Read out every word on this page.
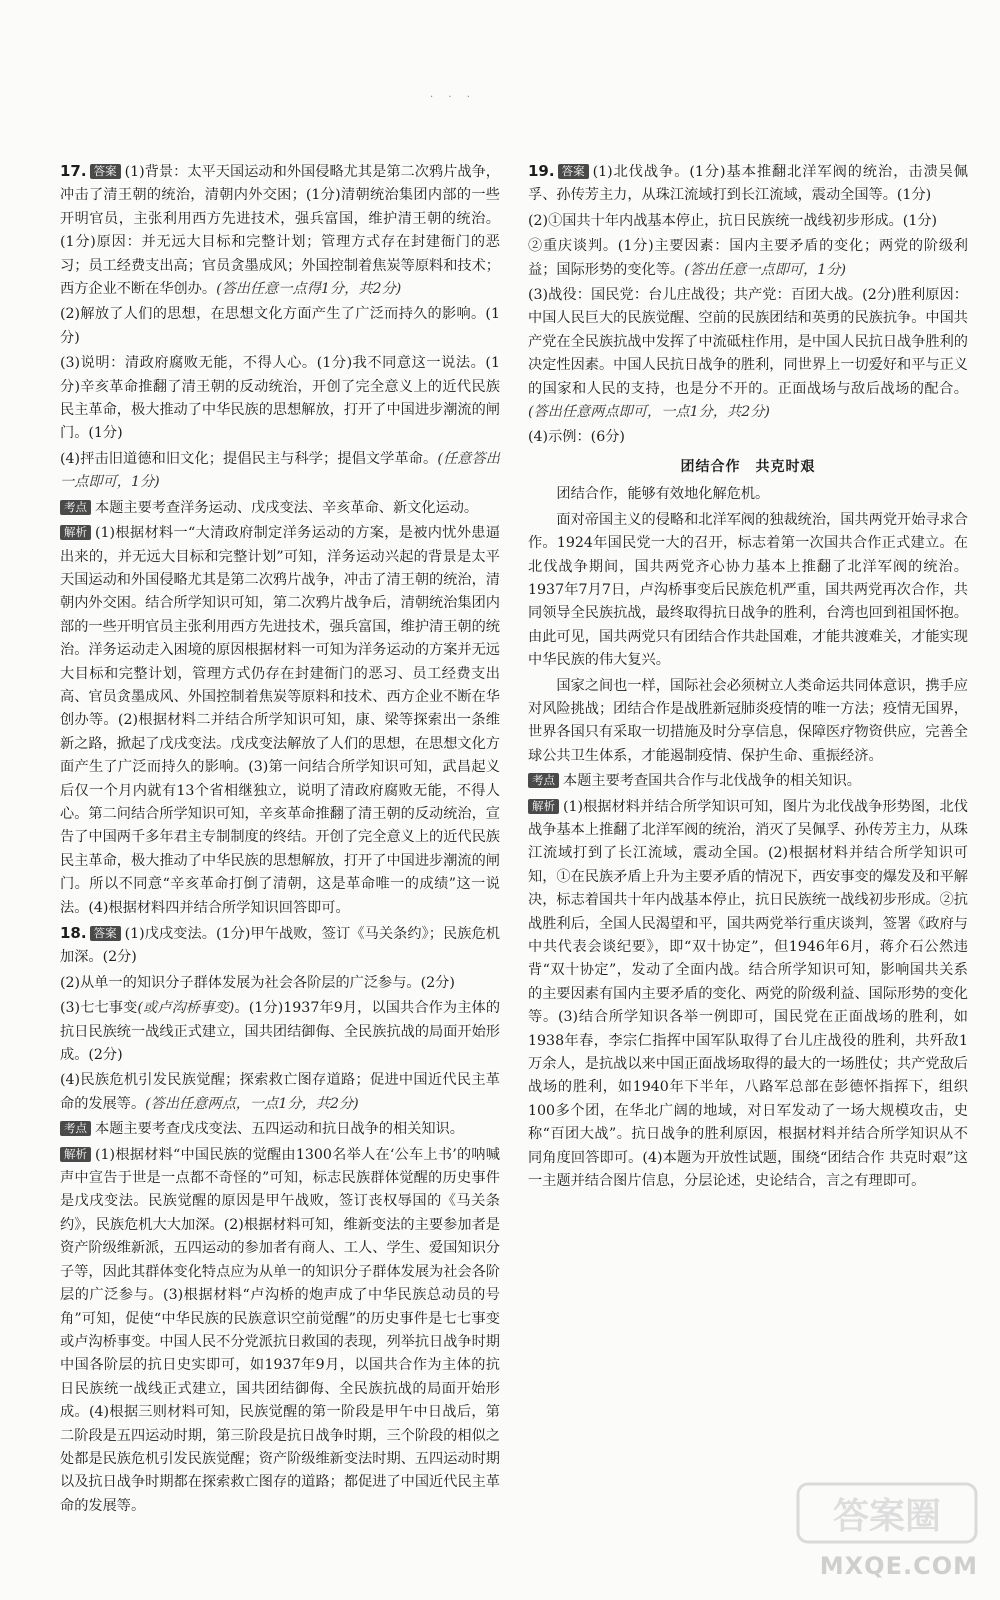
· · ·

17. 答案 (1)背景：太平天国运动和外国侵略尤其是第二次鸦片战争，冲击了清王朝的统治，清朝内外交困；(1分)清朝统治集团内部的一些开明官员，主张利用西方先进技术，强兵富国，维护清王朝的统治。(1分)原因：并无远大目标和完整计划；管理方式存在封建衙门的恶习；员工经费支出高；官员贪墨成风；外国控制着焦炭等原料和技术；西方企业不断在华创办。(答出任意一点得1分，共2分)

(2)解放了人们的思想，在思想文化方面产生了广泛而持久的影响。(1分)

(3)说明：清政府腐败无能，不得人心。(1分)我不同意这一说法。(1分)辛亥革命推翻了清王朝的反动统治，开创了完全意义上的近代民族民主革命，极大推动了中华民族的思想解放，打开了中国进步潮流的闸门。(1分)

(4)抨击旧道德和旧文化；提倡民主与科学；提倡文学革命。(任意答出一点即可，1分)

考点 本题主要考查洋务运动、戊戌变法、辛亥革命、新文化运动。

解析 (1)根据材料一“大清政府制定洋务运动的方案，是被内忧外患逼出来的，并无远大目标和完整计划”可知，洋务运动兴起的背景是太平天国运动和外国侵略尤其是第二次鸦片战争，冲击了清王朝的统治，清朝内外交困。结合所学知识可知，第二次鸦片战争后，清朝统治集团内部的一些开明官员主张利用西方先进技术，强兵富国，维护清王朝的统治。洋务运动走入困境的原因根据材料一可知为洋务运动的方案并无远大目标和完整计划，管理方式仍存在封建衙门的恶习、员工经费支出高、官员贪墨成风、外国控制着焦炭等原料和技术、西方企业不断在华创办等。(2)根据材料二并结合所学知识可知，康、梁等探索出一条维新之路，掀起了戊戌变法。戊戌变法解放了人们的思想，在思想文化方面产生了广泛而持久的影响。(3)第一问结合所学知识可知，武昌起义后仅一个月内就有13个省相继独立，说明了清政府腐败无能，不得人心。第二问结合所学知识可知，辛亥革命推翻了清王朝的反动统治，宣告了中国两千多年君主专制制度的终结。开创了完全意义上的近代民族民主革命，极大推动了中华民族的思想解放，打开了中国进步潮流的闸门。所以不同意“辛亥革命打倒了清朝，这是革命唯一的成绩”这一说法。(4)根据材料四并结合所学知识回答即可。

18. 答案 (1)戊戌变法。(1分)甲午战败，签订《马关条约》；民族危机加深。(2分)

(2)从单一的知识分子群体发展为社会各阶层的广泛参与。(2分)

(3)七七事变(或卢沟桥事变)。(1分)1937年9月，以国共合作为主体的抗日民族统一战线正式建立，国共团结御侮、全民族抗战的局面开始形成。(2分)

(4)民族危机引发民族觉醒；探索救亡图存道路；促进中国近代民主革命的发展等。(答出任意两点，一点1分，共2分)

考点 本题主要考查戊戌变法、五四运动和抗日战争的相关知识。

解析 (1)根据材料“中国民族的觉醒由1300名举人在‘公车上书’的呐喊声中宣告于世是一点都不奇怪的”可知，标志民族群体觉醒的历史事件是戊戌变法。民族觉醒的原因是甲午战败，签订丧权辱国的《马关条约》，民族危机大大加深。(2)根据材料可知，维新变法的主要参加者是资产阶级维新派，五四运动的参加者有商人、工人、学生、爱国知识分子等，因此其群体变化特点应为从单一的知识分子群体发展为社会各阶层的广泛参与。(3)根据材料“卢沟桥的炮声成了中华民族总动员的号角”可知，促使“中华民族的民族意识空前觉醒”的历史事件是七七事变或卢沟桥事变。中国人民不分党派抗日救国的表现，列举抗日战争时期中国各阶层的抗日史实即可，如1937年9月，以国共合作为主体的抗日民族统一战线正式建立，国共团结御侮、全民族抗战的局面开始形成。(4)根据三则材料可知，民族觉醒的第一阶段是甲午中日战后，第二阶段是五四运动时期，第三阶段是抗日战争时期，三个阶段的相似之处都是民族危机引发民族觉醒；资产阶级维新变法时期、五四运动时期以及抗日战争时期都在探索救亡图存的道路；都促进了中国近代民主革命的发展等。

19. 答案 (1)北伐战争。(1分)基本推翻北洋军阀的统治，击溃吴佩孚、孙传芳主力，从珠江流域打到长江流域，震动全国等。(1分)

(2)①国共十年内战基本停止，抗日民族统一战线初步形成。(1分)

②重庆谈判。(1分)主要因素：国内主要矛盾的变化；两党的阶级利益；国际形势的变化等。(答出任意一点即可，1分)

(3)战役：国民党：台儿庄战役；共产党：百团大战。(2分)胜利原因：中国人民巨大的民族觉醒、空前的民族团结和英勇的民族抗争。中国共产党在全民族抗战中发挥了中流砥柱作用，是中国人民抗日战争胜利的决定性因素。中国人民抗日战争的胜利，同世界上一切爱好和平与正义的国家和人民的支持，也是分不开的。正面战场与敌后战场的配合。(答出任意两点即可，一点1分，共2分)

(4)示例：(6分)

团结合作　共克时艰

团结合作，能够有效地化解危机。

面对帝国主义的侵略和北洋军阀的独裁统治，国共两党开始寻求合作。1924年国民党一大的召开，标志着第一次国共合作正式建立。在北伐战争期间，国共两党齐心协力基本上推翻了北洋军阀的统治。1937年7月7日，卢沟桥事变后民族危机严重，国共两党再次合作，共同领导全民族抗战，最终取得抗日战争的胜利，台湾也回到祖国怀抱。由此可见，国共两党只有团结合作共赴国难，才能共渡难关，才能实现中华民族的伟大复兴。

国家之间也一样，国际社会必须树立人类命运共同体意识，携手应对风险挑战；团结合作是战胜新冠肺炎疫情的唯一方法；疫情无国界，世界各国只有采取一切措施及时分享信息，保障医疗物资供应，完善全球公共卫生体系，才能遏制疫情、保护生命、重振经济。

考点 本题主要考查国共合作与北伐战争的相关知识。

解析 (1)根据材料并结合所学知识可知，图片为北伐战争形势图，北伐战争基本上推翻了北洋军阀的统治，消灭了吴佩孚、孙传芳主力，从珠江流域打到了长江流域，震动全国。(2)根据材料并结合所学知识可知，①在民族矛盾上升为主要矛盾的情况下，西安事变的爆发及和平解决，标志着国共十年内战基本停止，抗日民族统一战线初步形成。②抗战胜利后，全国人民渴望和平，国共两党举行重庆谈判，签署《政府与中共代表会谈纪要》，即“双十协定”，但1946年6月，蒋介石公然违背“双十协定”，发动了全面内战。结合所学知识可知，影响国共关系的主要因素有国内主要矛盾的变化、两党的阶级利益、国际形势的变化等。(3)结合所学知识各举一例即可，国民党在正面战场的胜利，如1938年春，李宗仁指挥中国军队取得了台儿庄战役的胜利，共歼敌1万余人，是抗战以来中国正面战场取得的最大的一场胜仗；共产党敌后战场的胜利，如1940年下半年，八路军总部在彭德怀指挥下，组织100多个团，在华北广阔的地域，对日军发动了一场大规模攻击，史称“百团大战”。抗日战争的胜利原因，根据材料并结合所学知识从不同角度回答即可。(4)本题为开放性试题，围绕“团结合作 共克时艰”这一主题并结合图片信息，分层论述，史论结合，言之有理即可。

答案圈
MXQE.COM
